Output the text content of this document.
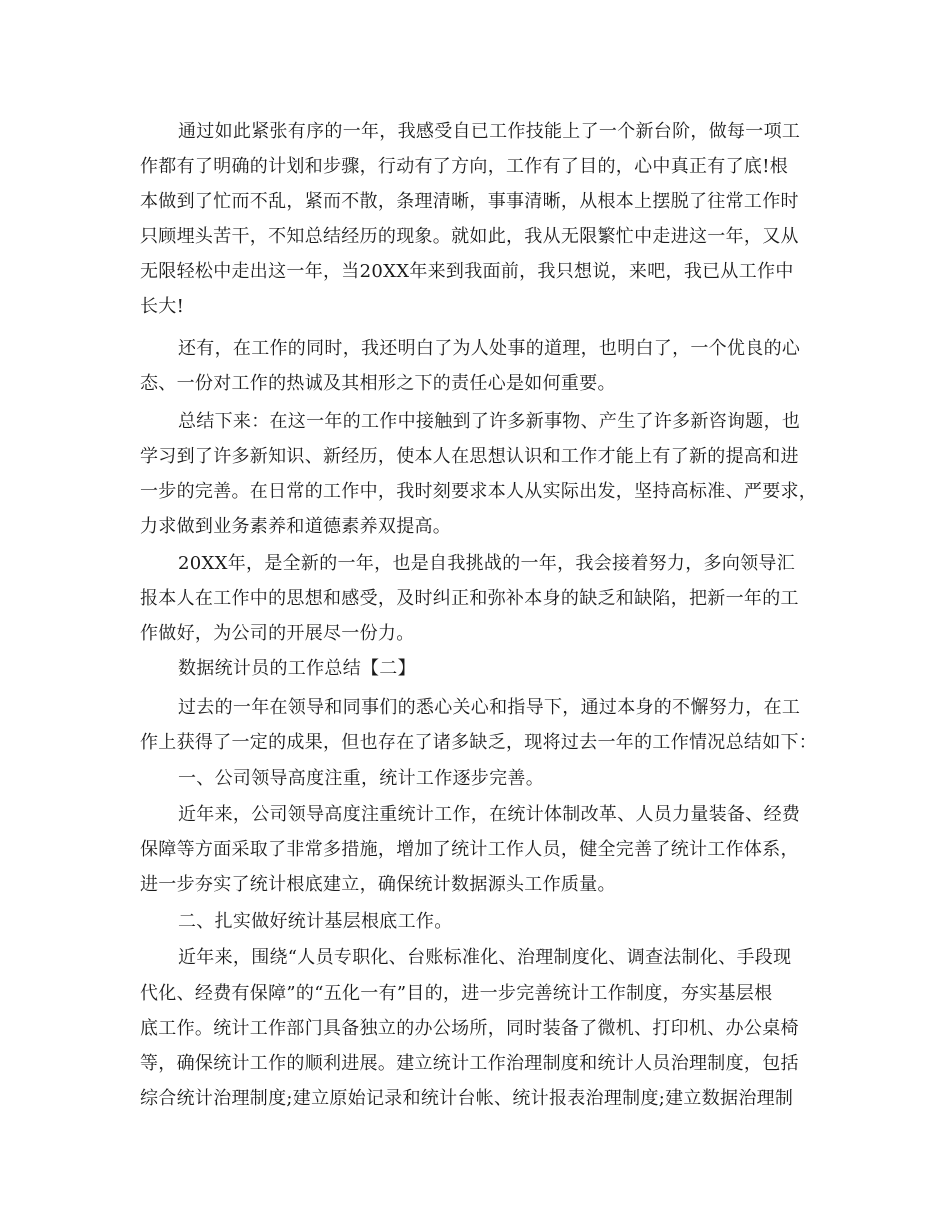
通过如此紧张有序的一年，我感受自已工作技能上了一个新台阶，做每一项工
作都有了明确的计划和步骤，行动有了方向，工作有了目的，心中真正有了底!根
本做到了忙而不乱，紧而不散，条理清晰，事事清晰，从根本上摆脱了往常工作时
只顾埋头苦干，不知总结经历的现象。就如此，我从无限繁忙中走进这一年，又从
无限轻松中走出这一年，当20XX年来到我面前，我只想说，来吧，我已从工作中
长大!
还有，在工作的同时，我还明白了为人处事的道理，也明白了，一个优良的心
态、一份对工作的热诚及其相形之下的责任心是如何重要。
总结下来：在这一年的工作中接触到了许多新事物、产生了许多新咨询题，也
学习到了许多新知识、新经历，使本人在思想认识和工作才能上有了新的提高和进
一步的完善。在日常的工作中，我时刻要求本人从实际出发，坚持高标准、严要求，
力求做到业务素养和道德素养双提高。
20XX年，是全新的一年，也是自我挑战的一年，我会接着努力，多向领导汇
报本人在工作中的思想和感受，及时纠正和弥补本身的缺乏和缺陷，把新一年的工
作做好，为公司的开展尽一份力。
数据统计员的工作总结【二】
过去的一年在领导和同事们的悉心关心和指导下，通过本身的不懈努力，在工
作上获得了一定的成果，但也存在了诸多缺乏，现将过去一年的工作情况总结如下：
一、公司领导高度注重，统计工作逐步完善。
近年来，公司领导高度注重统计工作，在统计体制改革、人员力量装备、经费
保障等方面采取了非常多措施，增加了统计工作人员，健全完善了统计工作体系，
进一步夯实了统计根底建立，确保统计数据源头工作质量。
二、扎实做好统计基层根底工作。
近年来，围绕“人员专职化、台账标准化、治理制度化、调查法制化、手段现
代化、经费有保障”的“五化一有”目的，进一步完善统计工作制度，夯实基层根
底工作。统计工作部门具备独立的办公场所，同时装备了微机、打印机、办公桌椅
等，确保统计工作的顺利进展。建立统计工作治理制度和统计人员治理制度，包括
综合统计治理制度;建立原始记录和统计台帐、统计报表治理制度;建立数据治理制
